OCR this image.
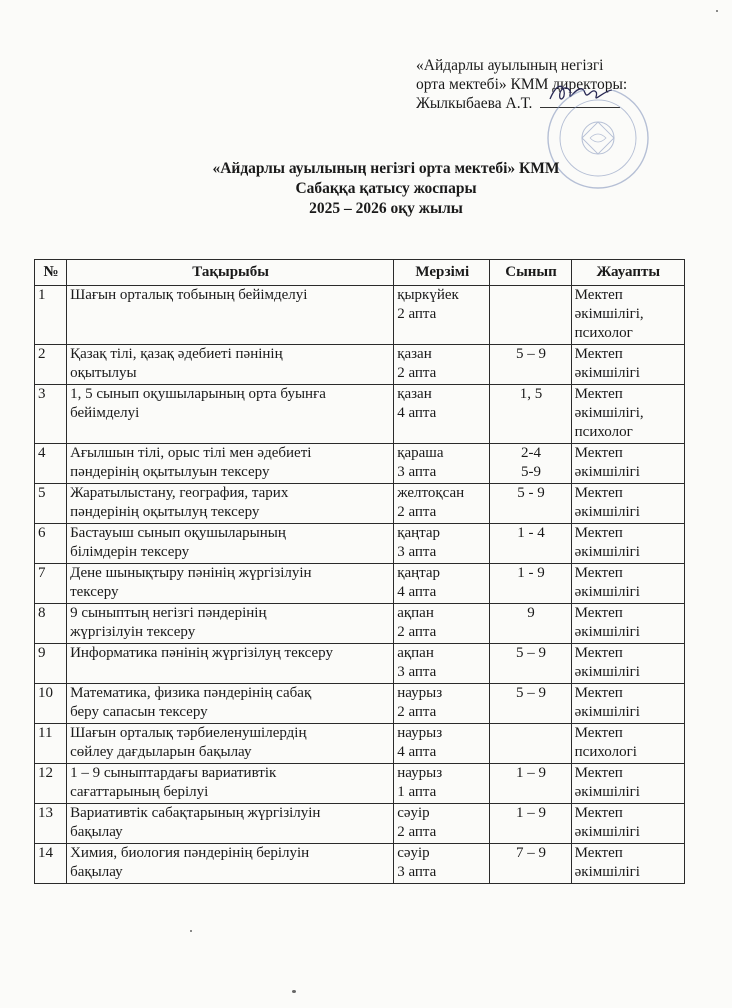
«Айдарлы ауылының негізгі
орта мектебі» КММ директоры:
Жылкыбаева А.Т.
«Айдарлы ауылының негізгі орта мектебі» КММ
Сабаққа қатысу жоспары
2025 – 2026 оқу жылы
№	Тақырыбы	Мерзімі	Сынып	Жауапты
1	Шағын орталық тобының бейімделуі	қыркүйек
2 апта		Мектеп
әкімшілігі,
психолог

2	Қазақ тілі, қазақ әдебиеті пәнінің
оқытылуы	қазан
2 апта	5 – 9	Мектеп
әкімшілігі

3	1, 5 сынып оқушыларының орта буынға
бейімделуі	қазан
4 апта	1, 5	Мектеп
әкімшілігі,
психолог

4	Ағылшын тілі, орыс тілі мен әдебиеті
пәндерінің оқытылуын тексеру	қараша
3 апта	2-4
5-9	Мектеп
әкімшілігі

5	Жаратылыстану, география, тарих
пәндерінің оқытылуң тексеру	желтоқсан
2 апта	5 - 9	Мектеп
әкімшілігі

6	Бастауыш сынып оқушыларының
білімдерін тексеру	қаңтар
3 апта	1 - 4	Мектеп
әкімшілігі

7	Дене шынықтыру пәнінің жүргізілуін
тексеру	қаңтар
4 апта	1 - 9	Мектеп
әкімшілігі

8	9 сыныптың негізгі пәндерінің
жүргізілуін тексеру	ақпан
2 апта	9	Мектеп
әкімшілігі

9	Информатика пәнінің жүргізілуң тексеру	ақпан
3 апта	5 – 9	Мектеп
әкімшілігі

10	Математика, физика пәндерінің сабақ
беру сапасын тексеру	наурыз
2 апта	5 – 9	Мектеп
әкімшілігі

11	Шағын орталық тәрбиеленушілердің
сөйлеу дағдыларын бақылау	наурыз
4 апта		Мектеп
психологі

12	1 – 9 сыныптардағы вариативтік
сағаттарының берілуі	наурыз
1 апта	1 – 9	Мектеп
әкімшілігі

13	Вариативтік сабақтарының жүргізілуін
бақылау	сәуір
2 апта	1 – 9	Мектеп
әкімшілігі

14	Химия, биология пәндерінің берілуін
бақылау	сәуір
3 апта	7 – 9	Мектеп
әкімшілігі
